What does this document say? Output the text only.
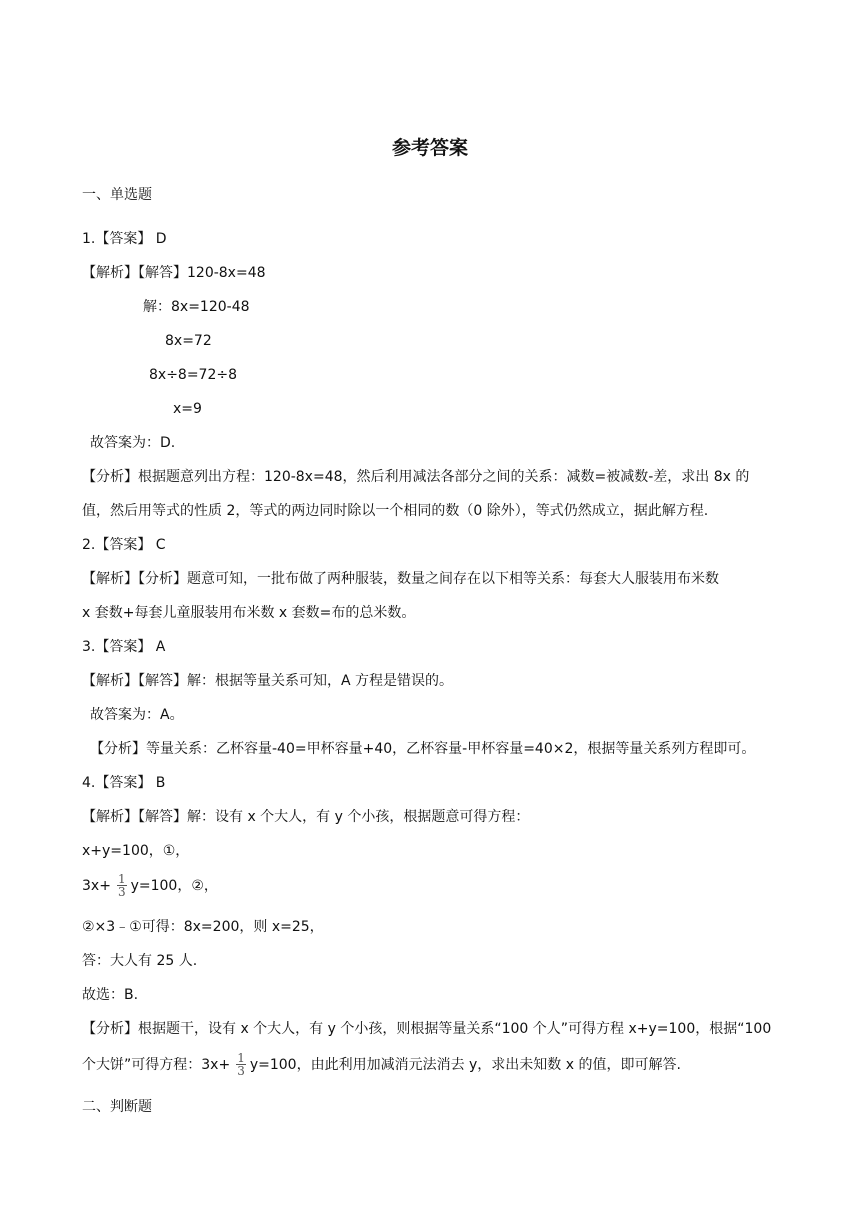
参考答案
一、单选题
1.【答案】 D
【解析】【解答】120-8x=48
解：8x=120-48
8x=72
8x÷8=72÷8
x=9
故答案为：D.
【分析】根据题意列出方程：120-8x=48，然后利用减法各部分之间的关系：减数=被减数-差，求出 8x 的
值，然后用等式的性质 2，等式的两边同时除以一个相同的数（0 除外），等式仍然成立，据此解方程.
2.【答案】 C
【解析】【分析】题意可知，一批布做了两种服装，数量之间存在以下相等关系：每套大人服装用布米数
x 套数+每套儿童服装用布米数 x 套数=布的总米数。
3.【答案】 A
【解析】【解答】解：根据等量关系可知，A 方程是错误的。
故答案为：A。
【分析】等量关系：乙杯容量-40=甲杯容量+40，乙杯容量-甲杯容量=40×2，根据等量关系列方程即可。
4.【答案】 B
【解析】【解答】解：设有 x 个大人，有 y 个小孩，根据题意可得方程：
x+y=100，①，
$3x+ \frac{1}{3} y=100$，②，
②×3﹣①可得：8x=200，则 x=25，
答：大人有 25 人.
故选：B.
【分析】根据题干，设有 x 个大人，有 y 个小孩，则根据等量关系“100 个人”可得方程 x+y=100，根据“100
个大饼”可得方程：$3x+ \frac{1}{3} y=100$，由此利用加减消元法消去 y，求出未知数 x 的值，即可解答.
二、判断题
